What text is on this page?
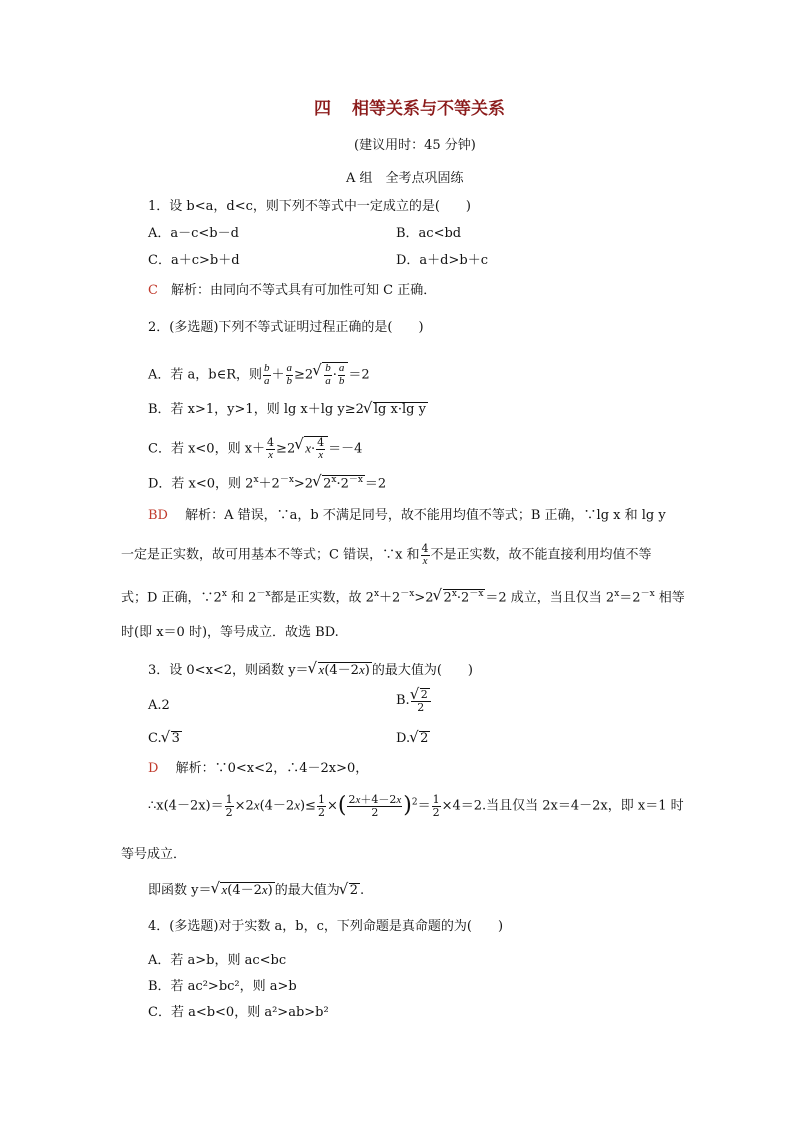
四 相等关系与不等关系
(建议用时：45 分钟)
A 组　全考点巩固练
1．设 b<a，d<c，则下列不等式中一定成立的是(　　)
A．a－c<b－d	B．ac<bd
C．a＋c>b＋d	D．a＋d>b＋c
C　 解析：由同向不等式具有可加性可知 C 正确．
2．(多选题)下列不等式证明过程正确的是(　　)
A．若 a，b∈R，则 $\frac{b}{a} + \frac{a}{b} \ge 2$
√ $\frac{b}{a} \cdot \frac{a}{b} =2$
B．若 x>1，y>1，则 lg x＋lg y≥2√ lg x·lg y
C．若 x<0，则 $x+ \frac{4}{x} \ge 2√$ $x\cdot \frac{4}{x} =-4$
D．若 x<0，则 $2^x+2^{-x}>2√$ $2^x\cdot 2^{-x} =2$
BD　 解析：A 错误，∵a，b 不满足同号，故不能用均值不等式；B 正确，∵lg x 和 lg y
一定是正实数，故可用基本不等式；C 错误，∵x 和 $\frac{4}{x}$ 不是正实数，故不能直接利用均值不等
式；D 正确，∵2$^x$ 和 $2^{-x}$都是正实数，故 $2^x+2^{-x}>2√$ $2^x\cdot 2^{-x} =2$ 成立，当且仅当 $2^x=2^{-x}$ 相等
时(即 x＝0 时)，等号成立．故选 BD.
3．设 0<x<2，则函数 y＝√ x(4－2x) 的最大值为(　　)
A.2	B.
√ $\frac{2}{2}$
C.√ 3	D.√ 2
D　 解析：∵0<x<2，∴4－2x>0，
∴x(4－2x)＝ $\frac{1}{2} \times 2x(4-2x)\le \frac{1}{2}$ ×( $\frac{2x+4-2x}{2} )^2= \frac{1}{2} \times 4=2$.当且仅当 2x＝4－2x，即 x＝1 时
等号成立．
即函数 y＝√ x(4－2x) 的最大值为√ 2 .
4．(多选题)对于实数 a，b，c，下列命题是真命题的为(　　)
A．若 a>b，则 ac<bc
B．若 ac²>bc²，则 a>b
C．若 a<b<0，则 a²>ab>b²
